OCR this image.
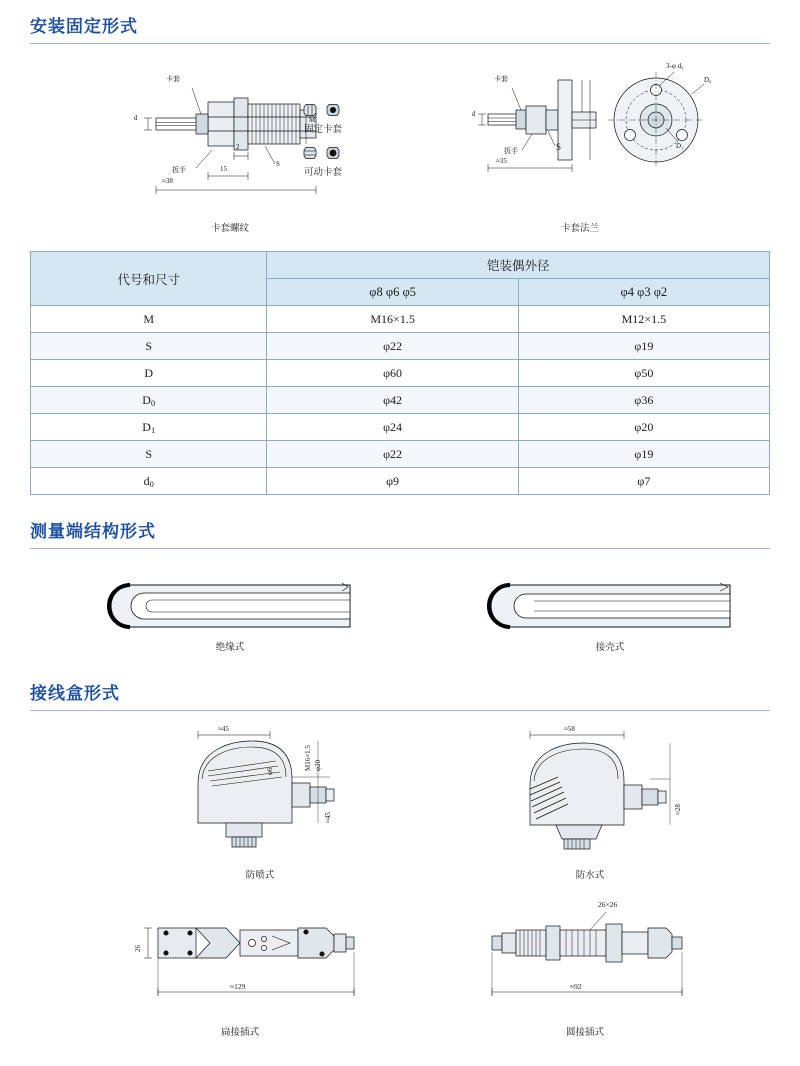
安装固定形式
卡套
d	M
2
15
≈38
扳手
S
固定卡套
可动卡套
卡套
d
扳手	S
≈35
3-φ d₀
D₀
D₁
卡套螺纹	卡套法兰
代号和尺寸	铠装偶外径	
	φ8 φ6 φ5	φ4 φ3 φ2
M	M16×1.5	M12×1.5
S	φ22	φ19
D	φ60	φ50
$D_0$	φ42	φ36
$D_1$	φ24	φ20
S	φ22	φ19
$d_0$	φ9	φ7
测量端结构形式
绝缘式	接壳式
接线盒形式
≈45
φ6
M16×1.5 φ20
≈45
防喷式
≈58
≈28
防水式
26
≈129
扁接插式
26×26
≈92
圆接插式
